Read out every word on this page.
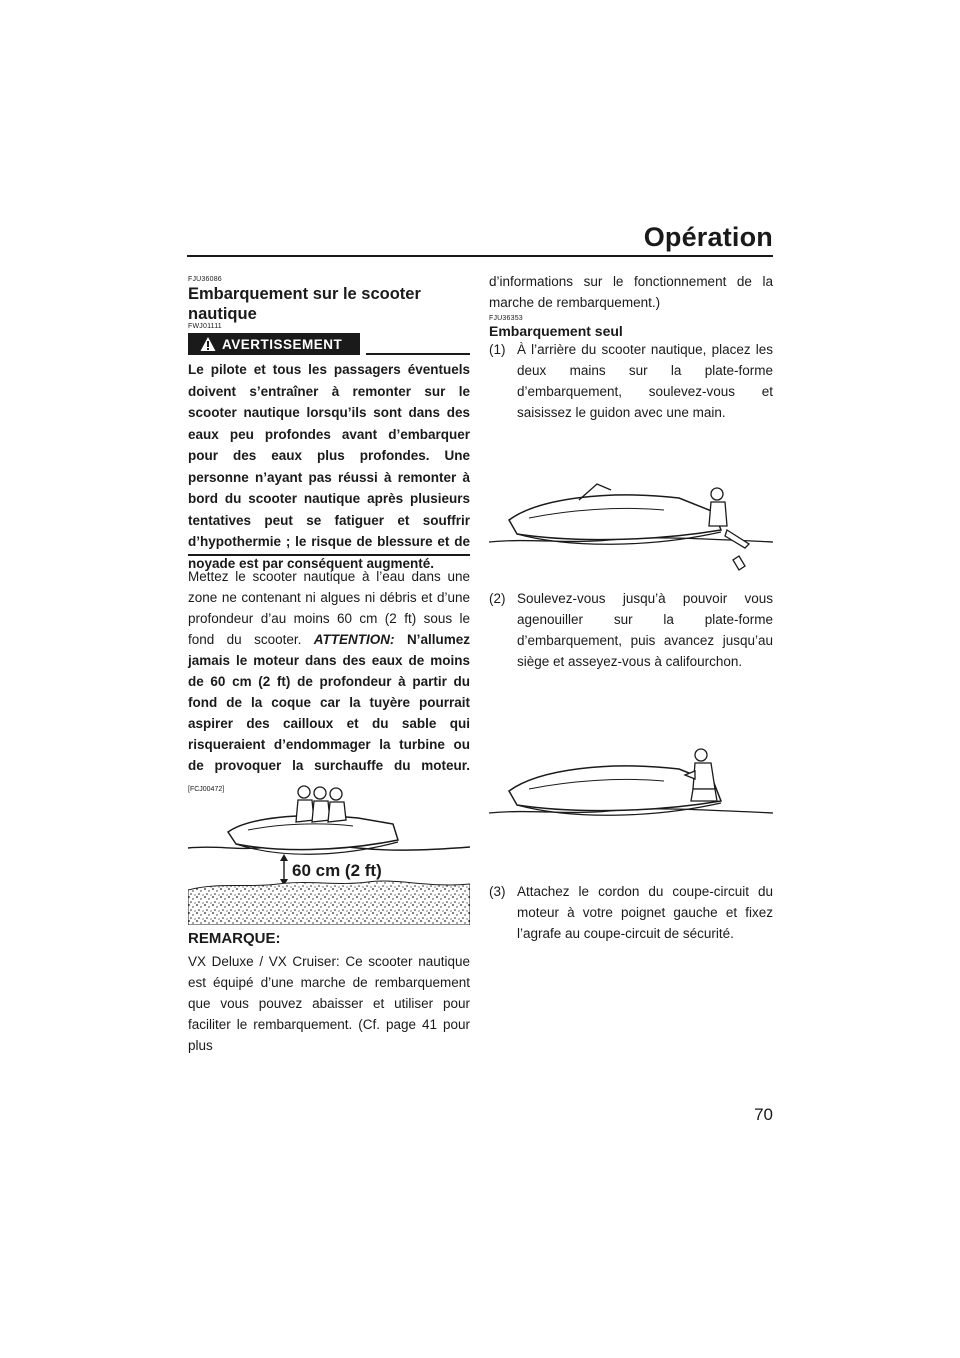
Opération
FJU36086
Embarquement sur le scooter nautique
FWJ01111
AVERTISSEMENT
Le pilote et tous les passagers éventuels doivent s’entraîner à remonter sur le scooter nautique lorsqu’ils sont dans des eaux peu profondes avant d’embarquer pour des eaux plus profondes. Une personne n’ayant pas réussi à remonter à bord du scooter nautique après plusieurs tentatives peut se fatiguer et souffrir d’hypothermie ; le risque de blessure et de noyade est par conséquent augmenté.
Mettez le scooter nautique à l’eau dans une zone ne contenant ni algues ni débris et d’une profondeur d’au moins 60 cm (2 ft) sous le fond du scooter. ATTENTION: N’allumez jamais le moteur dans des eaux de moins de 60 cm (2 ft) de profondeur à partir du fond de la coque car la tuyère pourrait aspirer des cailloux et du sable qui risqueraient d’endommager la turbine ou de provoquer la surchauffe du moteur. [FCJ00472]
60 cm (2 ft)
REMARQUE:
VX Deluxe / VX Cruiser: Ce scooter nautique est équipé d’une marche de rembarquement que vous pouvez abaisser et utiliser pour faciliter le rembarquement. (Cf. page 41 pour plus
d’informations sur le fonctionnement de la marche de rembarquement.)
FJU36353
Embarquement seul
(1) À l’arrière du scooter nautique, placez les deux mains sur la plate-forme d’embarquement, soulevez-vous et saisissez le guidon avec une main.
(2) Soulevez-vous jusqu’à pouvoir vous agenouiller sur la plate-forme d’embarquement, puis avancez jusqu’au siège et asseyez-vous à califourchon.
(3) Attachez le cordon du coupe-circuit du moteur à votre poignet gauche et fixez l’agrafe au coupe-circuit de sécurité.
70
